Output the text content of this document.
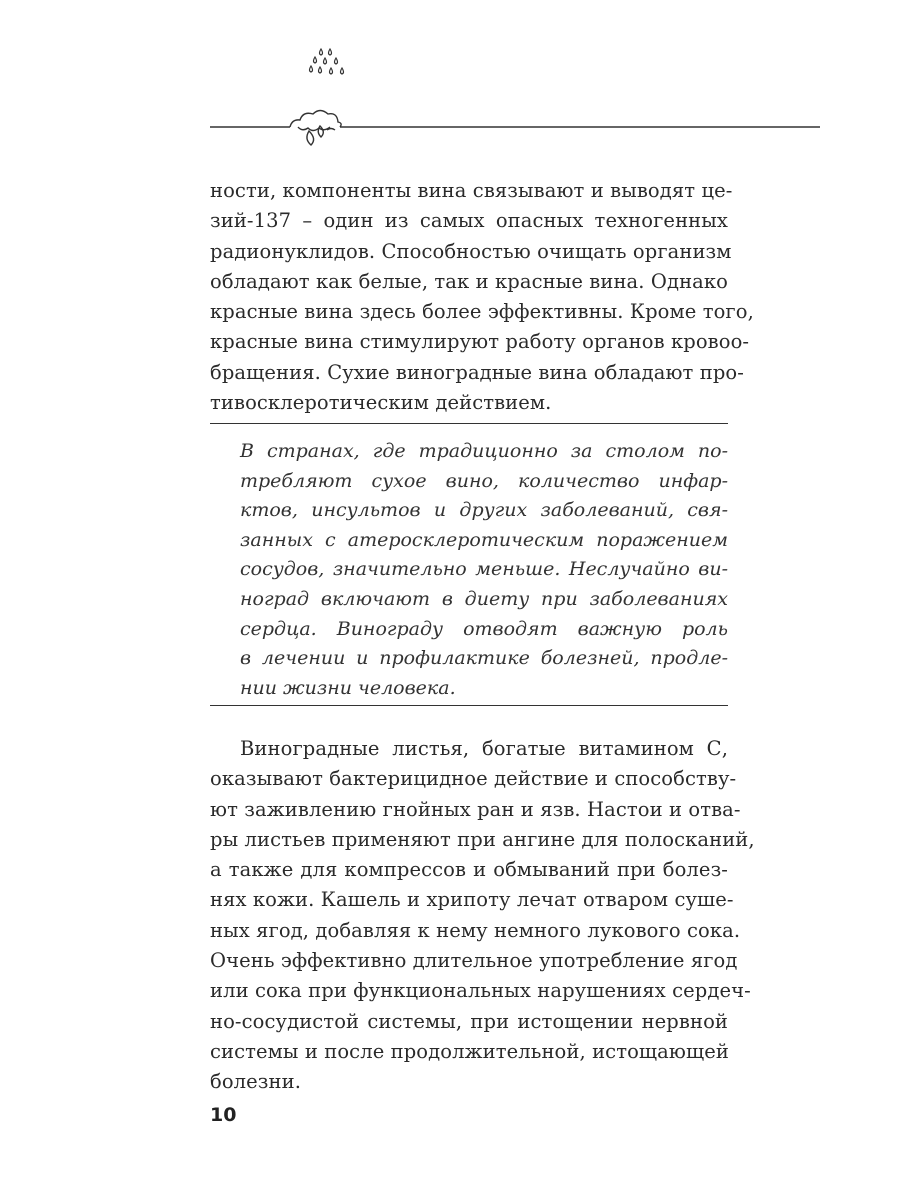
ности, компоненты вина связывают и выводят це-
зий-137 – один из самых опасных техногенных
радионуклидов. Способностью очищать организм
обладают как белые, так и красные вина. Однако
красные вина здесь более эффективны. Кроме того,
красные вина стимулируют работу органов кровоо-
бращения. Сухие виноградные вина обладают про-
тивосклеротическим действием.
В странах, где традиционно за столом по-
требляют сухое вино, количество инфар-
ктов, инсультов и других заболеваний, свя-
занных с атеросклеротическим поражением
сосудов, значительно меньше. Неслучайно ви-
ноград включают в диету при заболеваниях
сердца. Винограду отводят важную роль
в лечении и профилактике болезней, продле-
нии жизни человека.
Виноградные листья, богатые витамином С,
оказывают бактерицидное действие и способству-
ют заживлению гнойных ран и язв. Настои и отва-
ры листьев применяют при ангине для полосканий,
а также для компрессов и обмываний при болез-
нях кожи. Кашель и хрипоту лечат отваром суше-
ных ягод, добавляя к нему немного лукового сока.
Очень эффективно длительное употребление ягод
или сока при функциональных нарушениях сердеч-
но-сосудистой системы, при истощении нервной
системы и после продолжительной, истощающей
болезни.
10
